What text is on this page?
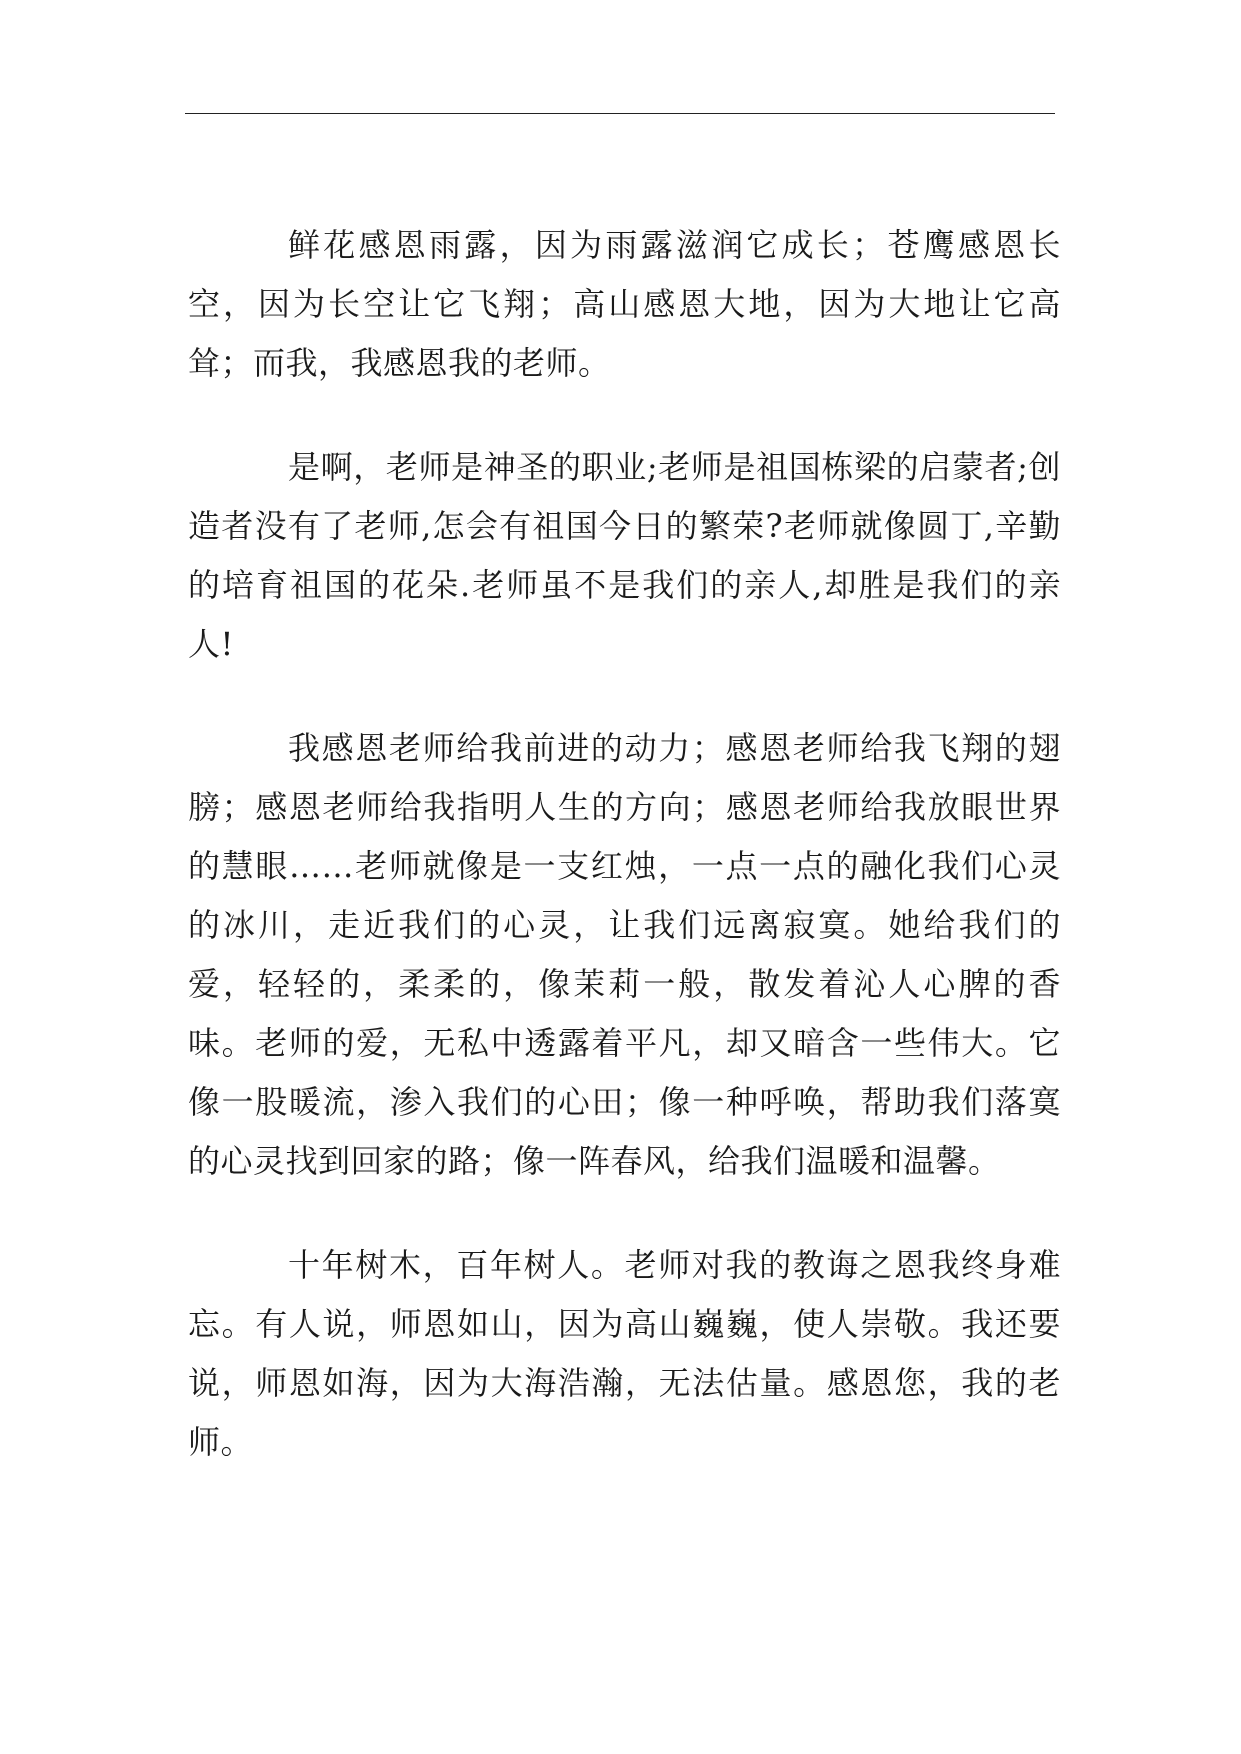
鲜花感恩雨露，因为雨露滋润它成长；苍鹰感恩长空，因为长空让它飞翔；高山感恩大地，因为大地让它高耸；而我，我感恩我的老师。

是啊，老师是神圣的职业;老师是祖国栋梁的启蒙者;创造者没有了老师,怎会有祖国今日的繁荣?老师就像圆丁,辛勤的培育祖国的花朵.老师虽不是我们的亲人,却胜是我们的亲人!

我感恩老师给我前进的动力；感恩老师给我飞翔的翅膀；感恩老师给我指明人生的方向；感恩老师给我放眼世界的慧眼……老师就像是一支红烛，一点一点的融化我们心灵的冰川，走近我们的心灵，让我们远离寂寞。她给我们的爱，轻轻的，柔柔的，像茉莉一般，散发着沁人心脾的香味。老师的爱，无私中透露着平凡，却又暗含一些伟大。它像一股暖流，渗入我们的心田；像一种呼唤，帮助我们落寞的心灵找到回家的路；像一阵春风，给我们温暖和温馨。

十年树木，百年树人。老师对我的教诲之恩我终身难忘。有人说，师恩如山，因为高山巍巍，使人崇敬。我还要说，师恩如海，因为大海浩瀚，无法估量。感恩您，我的老师。
